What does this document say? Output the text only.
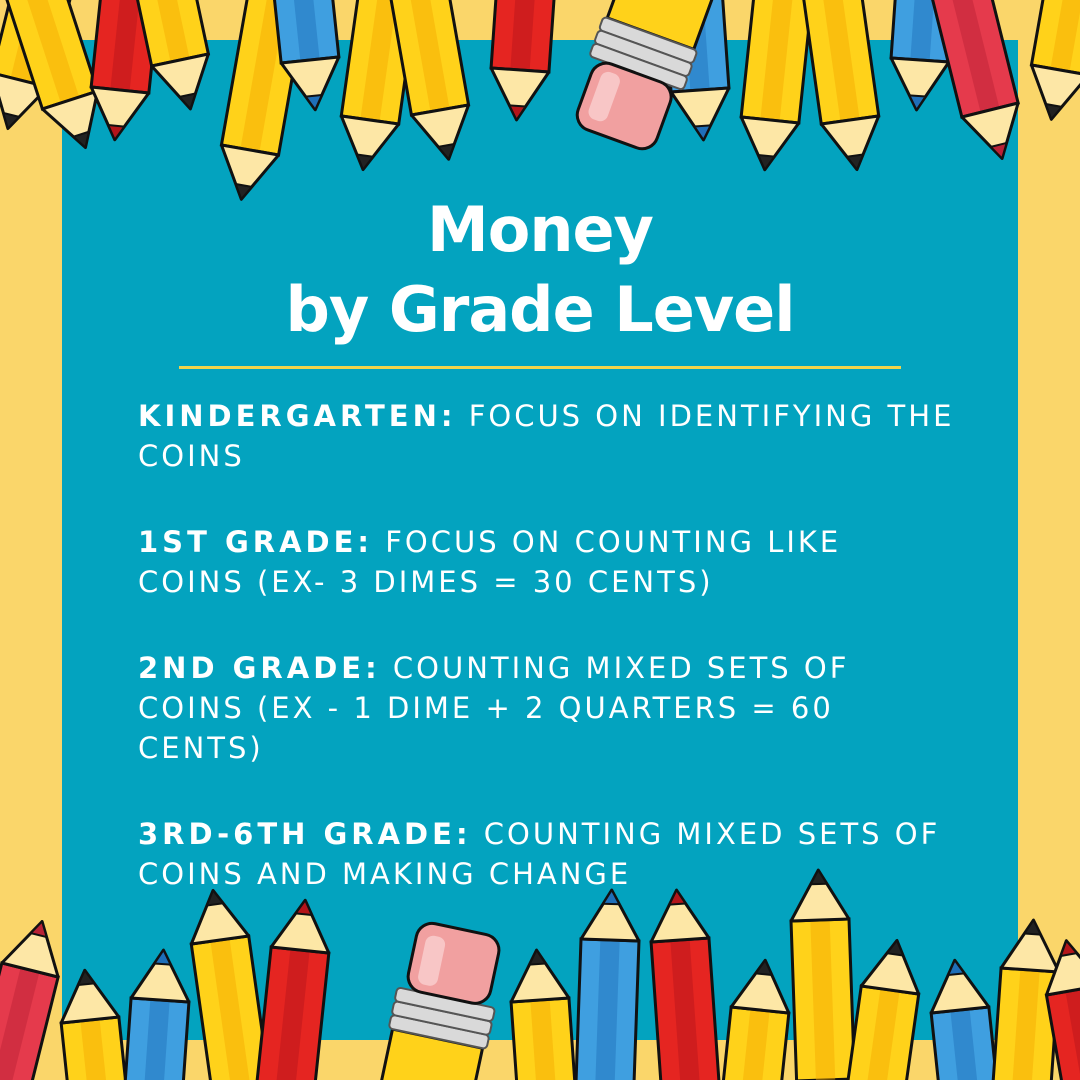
Money
by Grade Level
KINDERGARTEN: FOCUS ON IDENTIFYING THE COINS
1ST GRADE: FOCUS ON COUNTING LIKE COINS (EX- 3 DIMES = 30 CENTS)
2ND GRADE: COUNTING MIXED SETS OF COINS (EX - 1 DIME + 2 QUARTERS = 60 CENTS)
3RD-6TH GRADE: COUNTING MIXED SETS OF COINS AND MAKING CHANGE
